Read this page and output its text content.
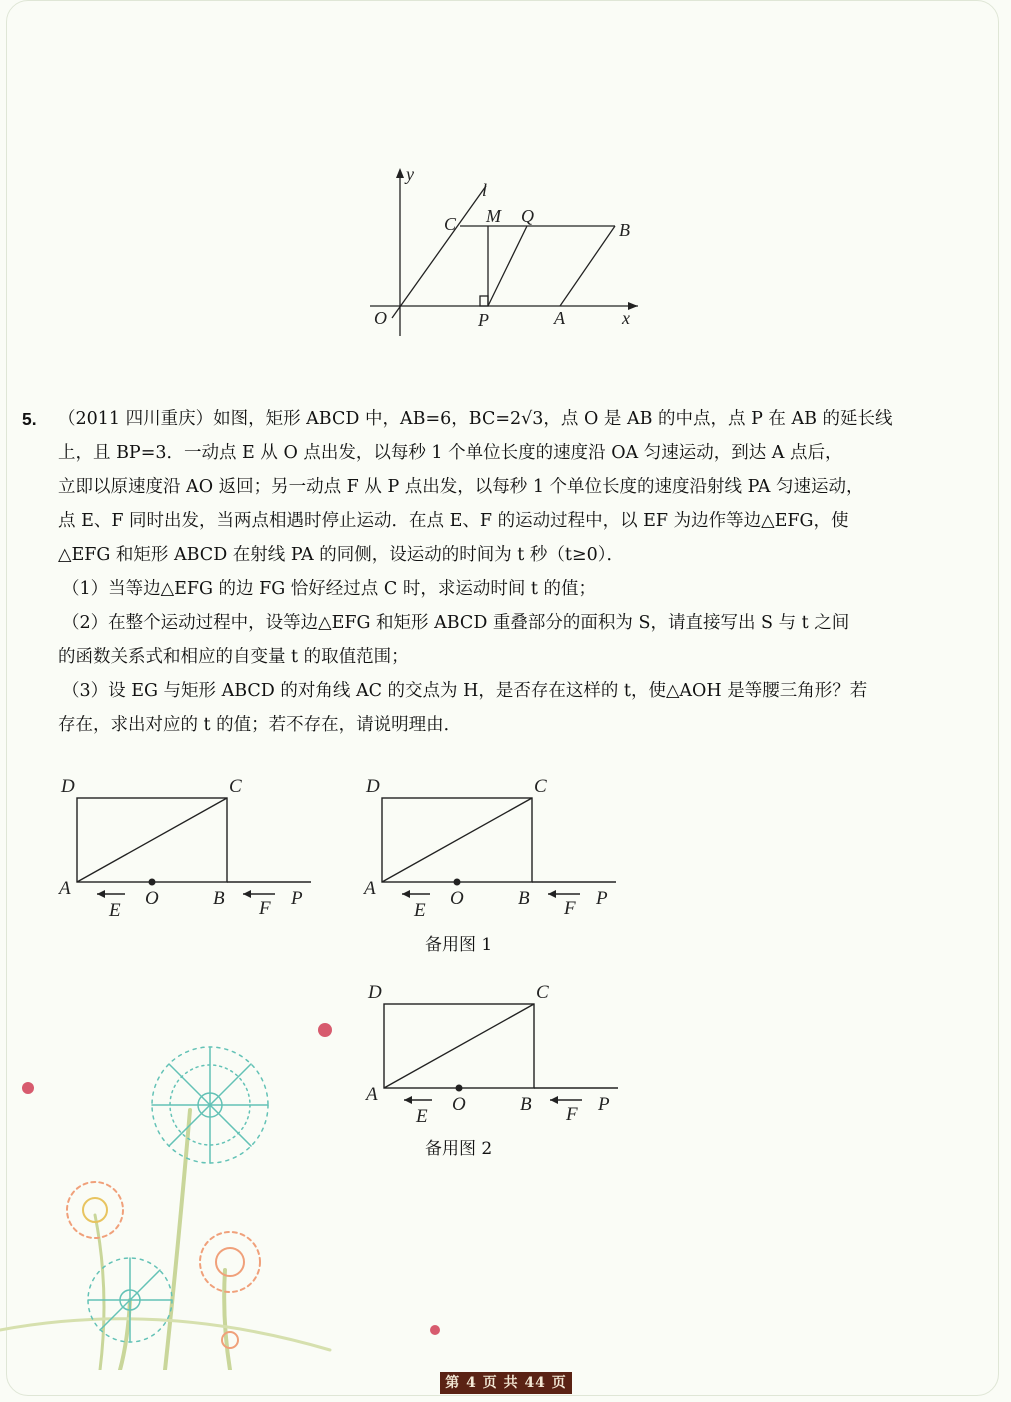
y
l
C M Q
B
O	P	A	x
5. （2011 四川重庆）如图，矩形 ABCD 中，AB=6，BC=2√3，点 O 是 AB 的中点，点 P 在 AB 的延长线
上，且 BP=3．一动点 E 从 O 点出发，以每秒 1 个单位长度的速度沿 OA 匀速运动，到达 A 点后，
立即以原速度沿 AO 返回；另一动点 F 从 P 点出发，以每秒 1 个单位长度的速度沿射线 PA 匀速运动，
点 E、F 同时出发，当两点相遇时停止运动．在点 E、F 的运动过程中，以 EF 为边作等边△EFG，使
△EFG 和矩形 ABCD 在射线 PA 的同侧，设运动的时间为 t 秒（t≥0）．
（1）当等边△EFG 的边 FG 恰好经过点 C 时，求运动时间 t 的值；
（2）在整个运动过程中，设等边△EFG 和矩形 ABCD 重叠部分的面积为 S，请直接写出 S 与 t 之间
的函数关系式和相应的自变量 t 的取值范围；
（3）设 EG 与矩形 ABCD 的对角线 AC 的交点为 H，是否存在这样的 t，使△AOH 是等腰三角形？若
存在，求出对应的 t 的值；若不存在，请说明理由．
D	C
A	O	B	P
E	F
D	C
A	O	B	P
E	F
备用图 1
D	C
A	O	B	P
E	F
备用图 2
第 4 页 共 44 页
